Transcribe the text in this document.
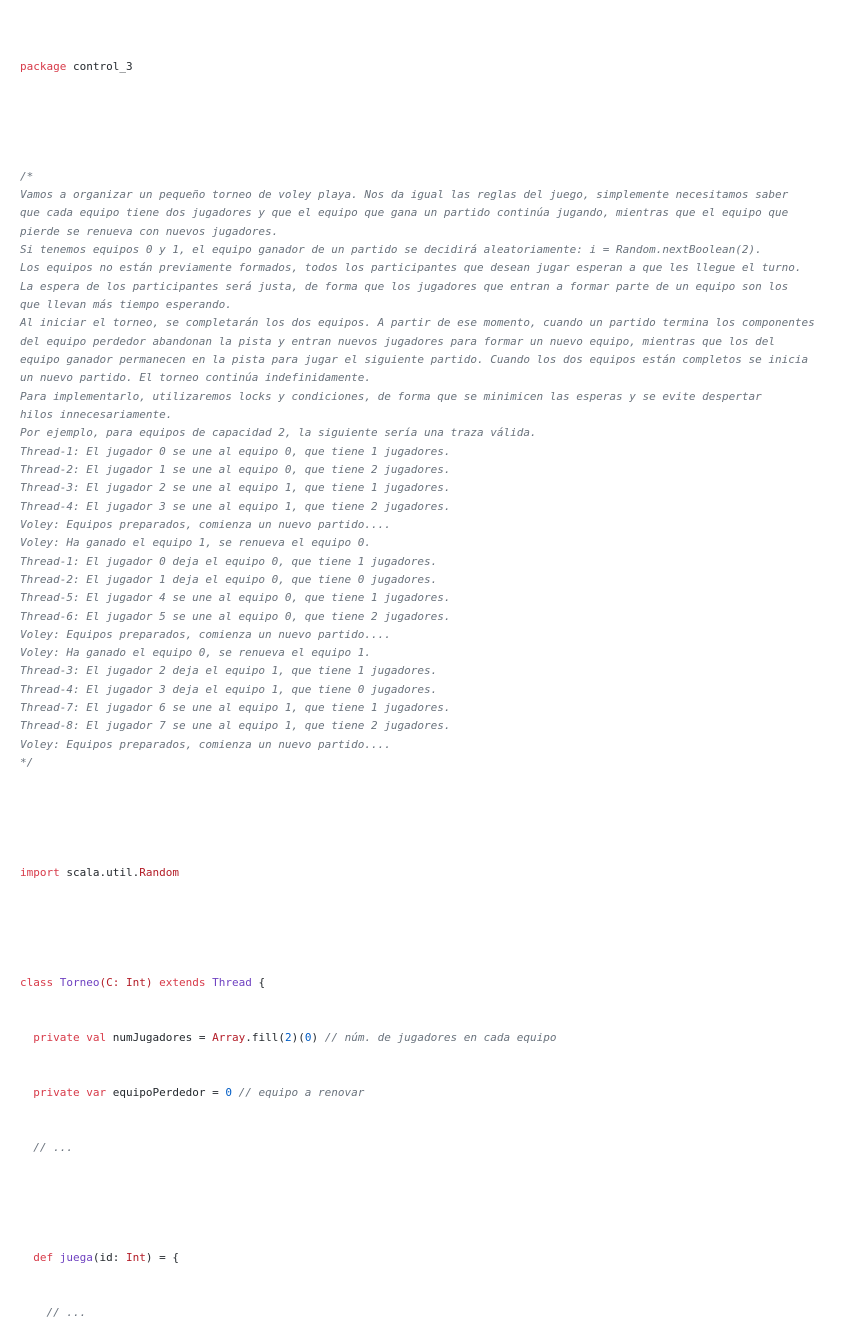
package control_3

/*
Vamos a organizar un pequeño torneo de voley playa. Nos da igual las reglas del juego, simplemente necesitamos saber
que cada equipo tiene dos jugadores y que el equipo que gana un partido continúa jugando, mientras que el equipo que
pierde se renueva con nuevos jugadores.
Si tenemos equipos 0 y 1, el equipo ganador de un partido se decidirá aleatoriamente: i = Random.nextBoolean(2).
Los equipos no están previamente formados, todos los participantes que desean jugar esperan a que les llegue el turno.
La espera de los participantes será justa, de forma que los jugadores que entran a formar parte de un equipo son los
que llevan más tiempo esperando.
Al iniciar el torneo, se completarán los dos equipos. A partir de ese momento, cuando un partido termina los componentes
del equipo perdedor abandonan la pista y entran nuevos jugadores para formar un nuevo equipo, mientras que los del
equipo ganador permanecen en la pista para jugar el siguiente partido. Cuando los dos equipos están completos se inicia
un nuevo partido. El torneo continúa indefinidamente.
Para implementarlo, utilizaremos locks y condiciones, de forma que se minimicen las esperas y se evite despertar
hilos innecesariamente.
Por ejemplo, para equipos de capacidad 2, la siguiente sería una traza válida.
Thread-1: El jugador 0 se une al equipo 0, que tiene 1 jugadores.
Thread-2: El jugador 1 se une al equipo 0, que tiene 2 jugadores.
Thread-3: El jugador 2 se une al equipo 1, que tiene 1 jugadores.
Thread-4: El jugador 3 se une al equipo 1, que tiene 2 jugadores.
Voley: Equipos preparados, comienza un nuevo partido....
Voley: Ha ganado el equipo 1, se renueva el equipo 0.
Thread-1: El jugador 0 deja el equipo 0, que tiene 1 jugadores.
Thread-2: El jugador 1 deja el equipo 0, que tiene 0 jugadores.
Thread-5: El jugador 4 se une al equipo 0, que tiene 1 jugadores.
Thread-6: El jugador 5 se une al equipo 0, que tiene 2 jugadores.
Voley: Equipos preparados, comienza un nuevo partido....
Voley: Ha ganado el equipo 0, se renueva el equipo 1.
Thread-3: El jugador 2 deja el equipo 1, que tiene 1 jugadores.
Thread-4: El jugador 3 deja el equipo 1, que tiene 0 jugadores.
Thread-7: El jugador 6 se une al equipo 1, que tiene 1 jugadores.
Thread-8: El jugador 7 se une al equipo 1, que tiene 2 jugadores.
Voley: Equipos preparados, comienza un nuevo partido....
*/

import scala.util.Random

class Torneo(C: Int) extends Thread {

private val numJugadores = Array.fill(2)(0) // núm. de jugadores en cada equipo

private var equipoPerdedor = 0 // equipo a renovar

// ...

def juega(id: Int) = {

// ...
